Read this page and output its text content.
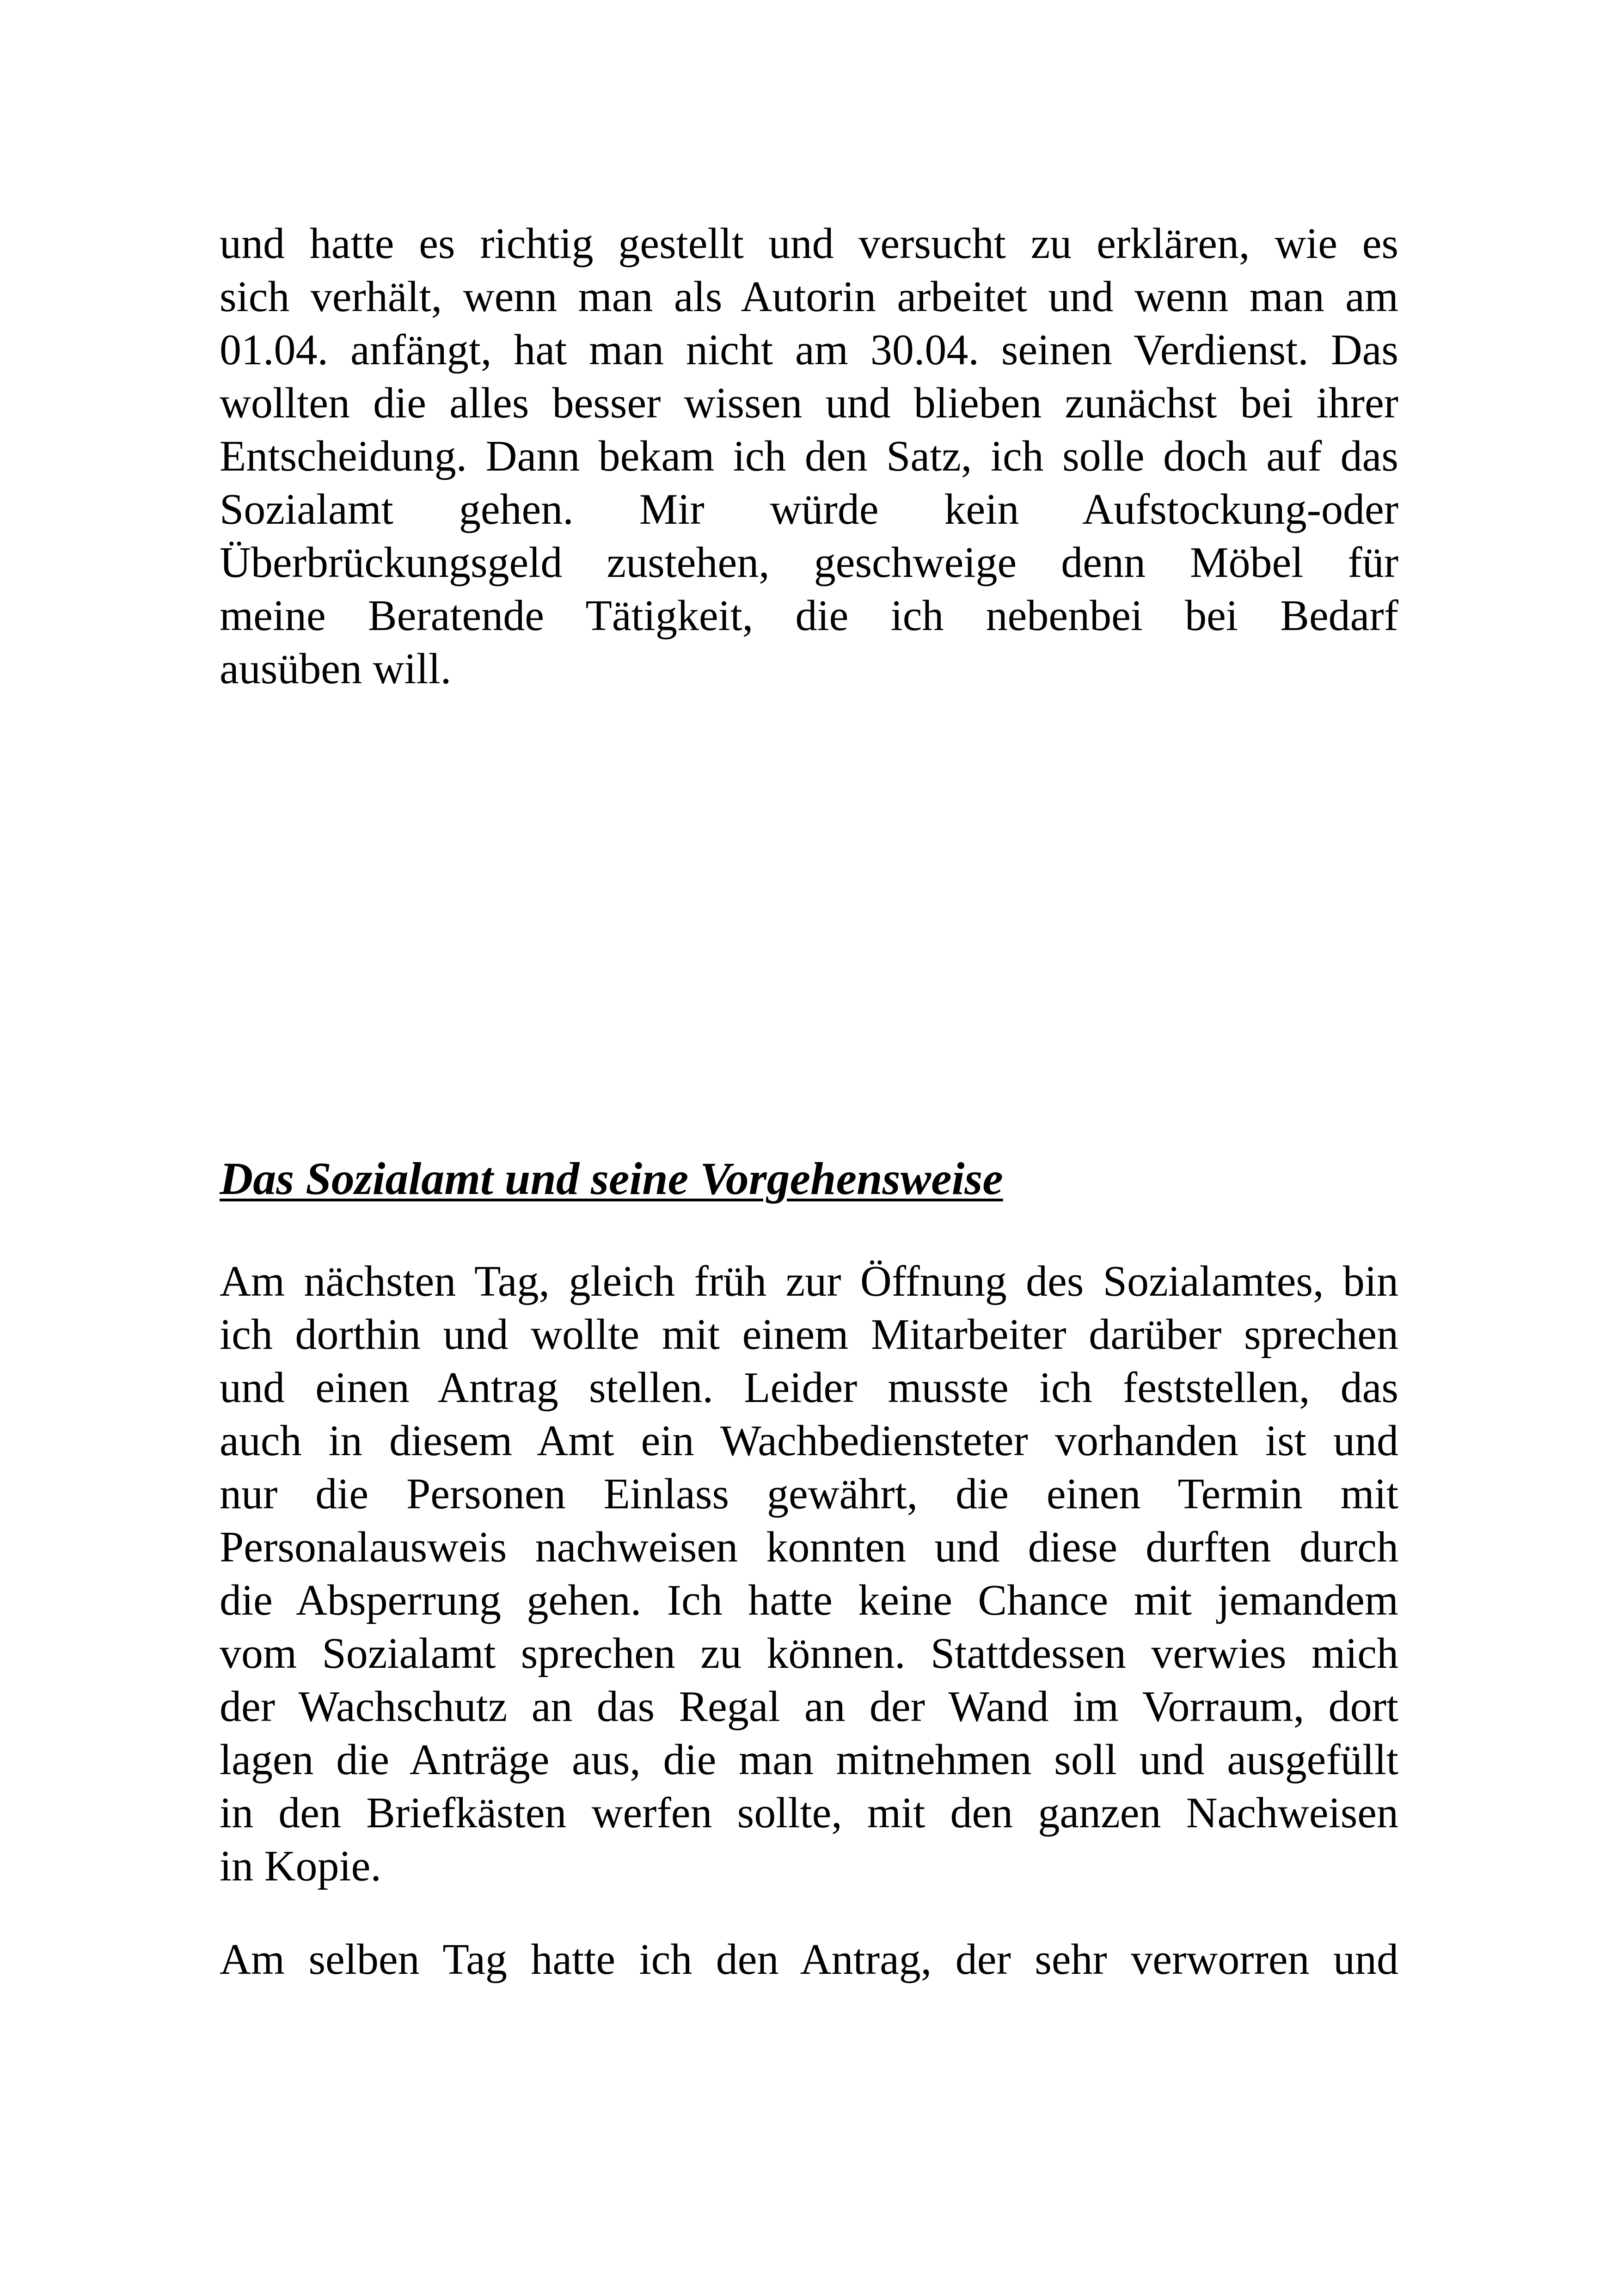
und hatte es richtig gestellt und versucht zu erklären, wie es
sich verhält, wenn man als Autorin arbeitet und wenn man am
01.04. anfängt, hat man nicht am 30.04. seinen Verdienst. Das
wollten die alles besser wissen und blieben zunächst bei ihrer
Entscheidung. Dann bekam ich den Satz, ich solle doch auf das
Sozialamt gehen. Mir würde kein Aufstockung-oder
Überbrückungsgeld zustehen, geschweige denn Möbel für
meine Beratende Tätigkeit, die ich nebenbei bei Bedarf
ausüben will.
Das Sozialamt und seine Vorgehensweise
Am nächsten Tag, gleich früh zur Öffnung des Sozialamtes, bin
ich dorthin und wollte mit einem Mitarbeiter darüber sprechen
und einen Antrag stellen. Leider musste ich feststellen, das
auch in diesem Amt ein Wachbediensteter vorhanden ist und
nur die Personen Einlass gewährt, die einen Termin mit
Personalausweis nachweisen konnten und diese durften durch
die Absperrung gehen. Ich hatte keine Chance mit jemandem
vom Sozialamt sprechen zu können. Stattdessen verwies mich
der Wachschutz an das Regal an der Wand im Vorraum, dort
lagen die Anträge aus, die man mitnehmen soll und ausgefüllt
in den Briefkästen werfen sollte, mit den ganzen Nachweisen
in Kopie.
Am selben Tag hatte ich den Antrag, der sehr verworren und
